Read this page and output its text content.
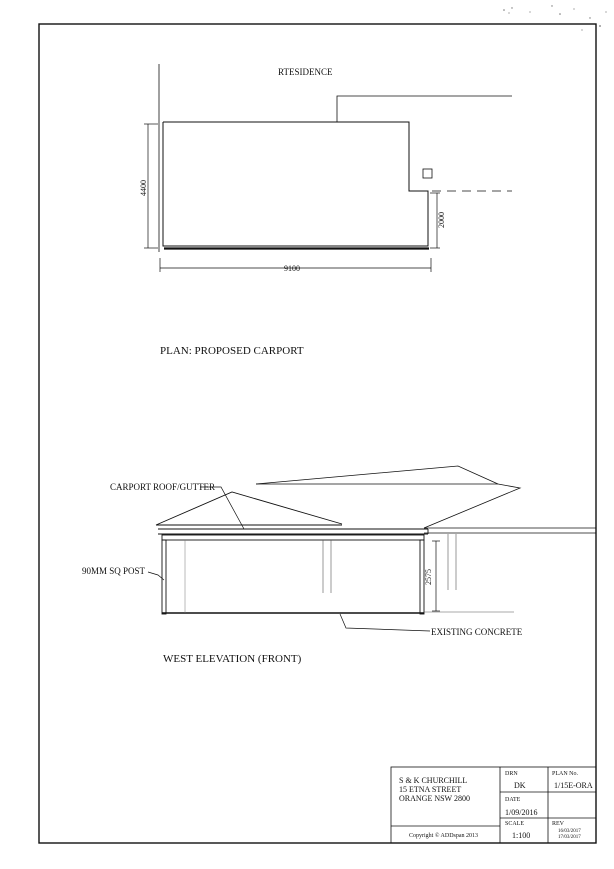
RTESIDENCE
4400
2000
9100
PLAN: PROPOSED CARPORT
CARPORT ROOF/GUTTER
90MM SQ POST	2575
EXISTING CONCRETE
WEST ELEVATION (FRONT)
S & K CHURCHILL
15 ETNA STREET
ORANGE NSW 2800
DRN
DK
PLAN No.
1/15E-ORA
DATE
1/09/2016
SCALE
1:100
REV
16/03/2017
17/03/2017
Copyright © ADDspan 2013
